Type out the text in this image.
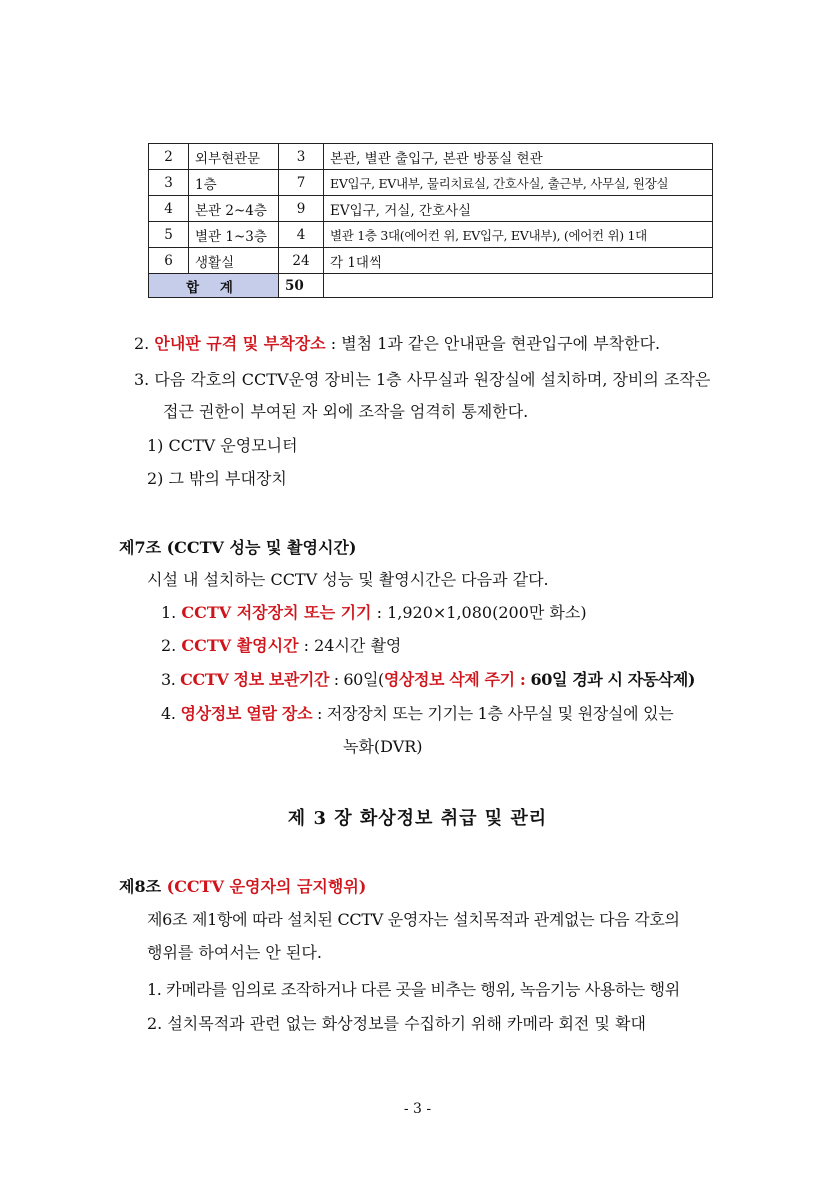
2	외부현관문	3	본관, 별관 출입구, 본관 방풍실 현관
3	1층	7	EV입구, EV내부, 물리치료실, 간호사실, 출근부, 사무실, 원장실
4	본관 2~4층	9	EV입구, 거실, 간호사실
5	별관 1~3층	4	별관 1층 3대(에어컨 위, EV입구, EV내부), (에어컨 위) 1대
6	생활실	24	각 1대씩
합 계		50	
2. 안내판 규격 및 부착장소 : 별첨 1과 같은 안내판을 현관입구에 부착한다.
3. 다음 각호의 CCTV운영 장비는 1층 사무실과 원장실에 설치하며, 장비의 조작은
접근 권한이 부여된 자 외에 조작을 엄격히 통제한다.
1) CCTV 운영모니터
2) 그 밖의 부대장치
제7조 (CCTV 성능 및 촬영시간)
시설 내 설치하는 CCTV 성능 및 촬영시간은 다음과 같다.
1. CCTV 저장장치 또는 기기 : 1,920×1,080(200만 화소)
2. CCTV 촬영시간 : 24시간 촬영
3. CCTV 정보 보관기간 : 60일(영상정보 삭제 주기 : 60일 경과 시 자동삭제)
4. 영상정보 열람 장소 : 저장장치 또는 기기는 1층 사무실 및 원장실에 있는
녹화(DVR)
제 3 장 화상정보 취급 및 관리
제8조 (CCTV 운영자의 금지행위)
제6조 제1항에 따라 설치된 CCTV 운영자는 설치목적과 관계없는 다음 각호의
행위를 하여서는 안 된다.
1. 카메라를 임의로 조작하거나 다른 곳을 비추는 행위, 녹음기능 사용하는 행위
2. 설치목적과 관련 없는 화상정보를 수집하기 위해 카메라 회전 및 확대
- 3 -
